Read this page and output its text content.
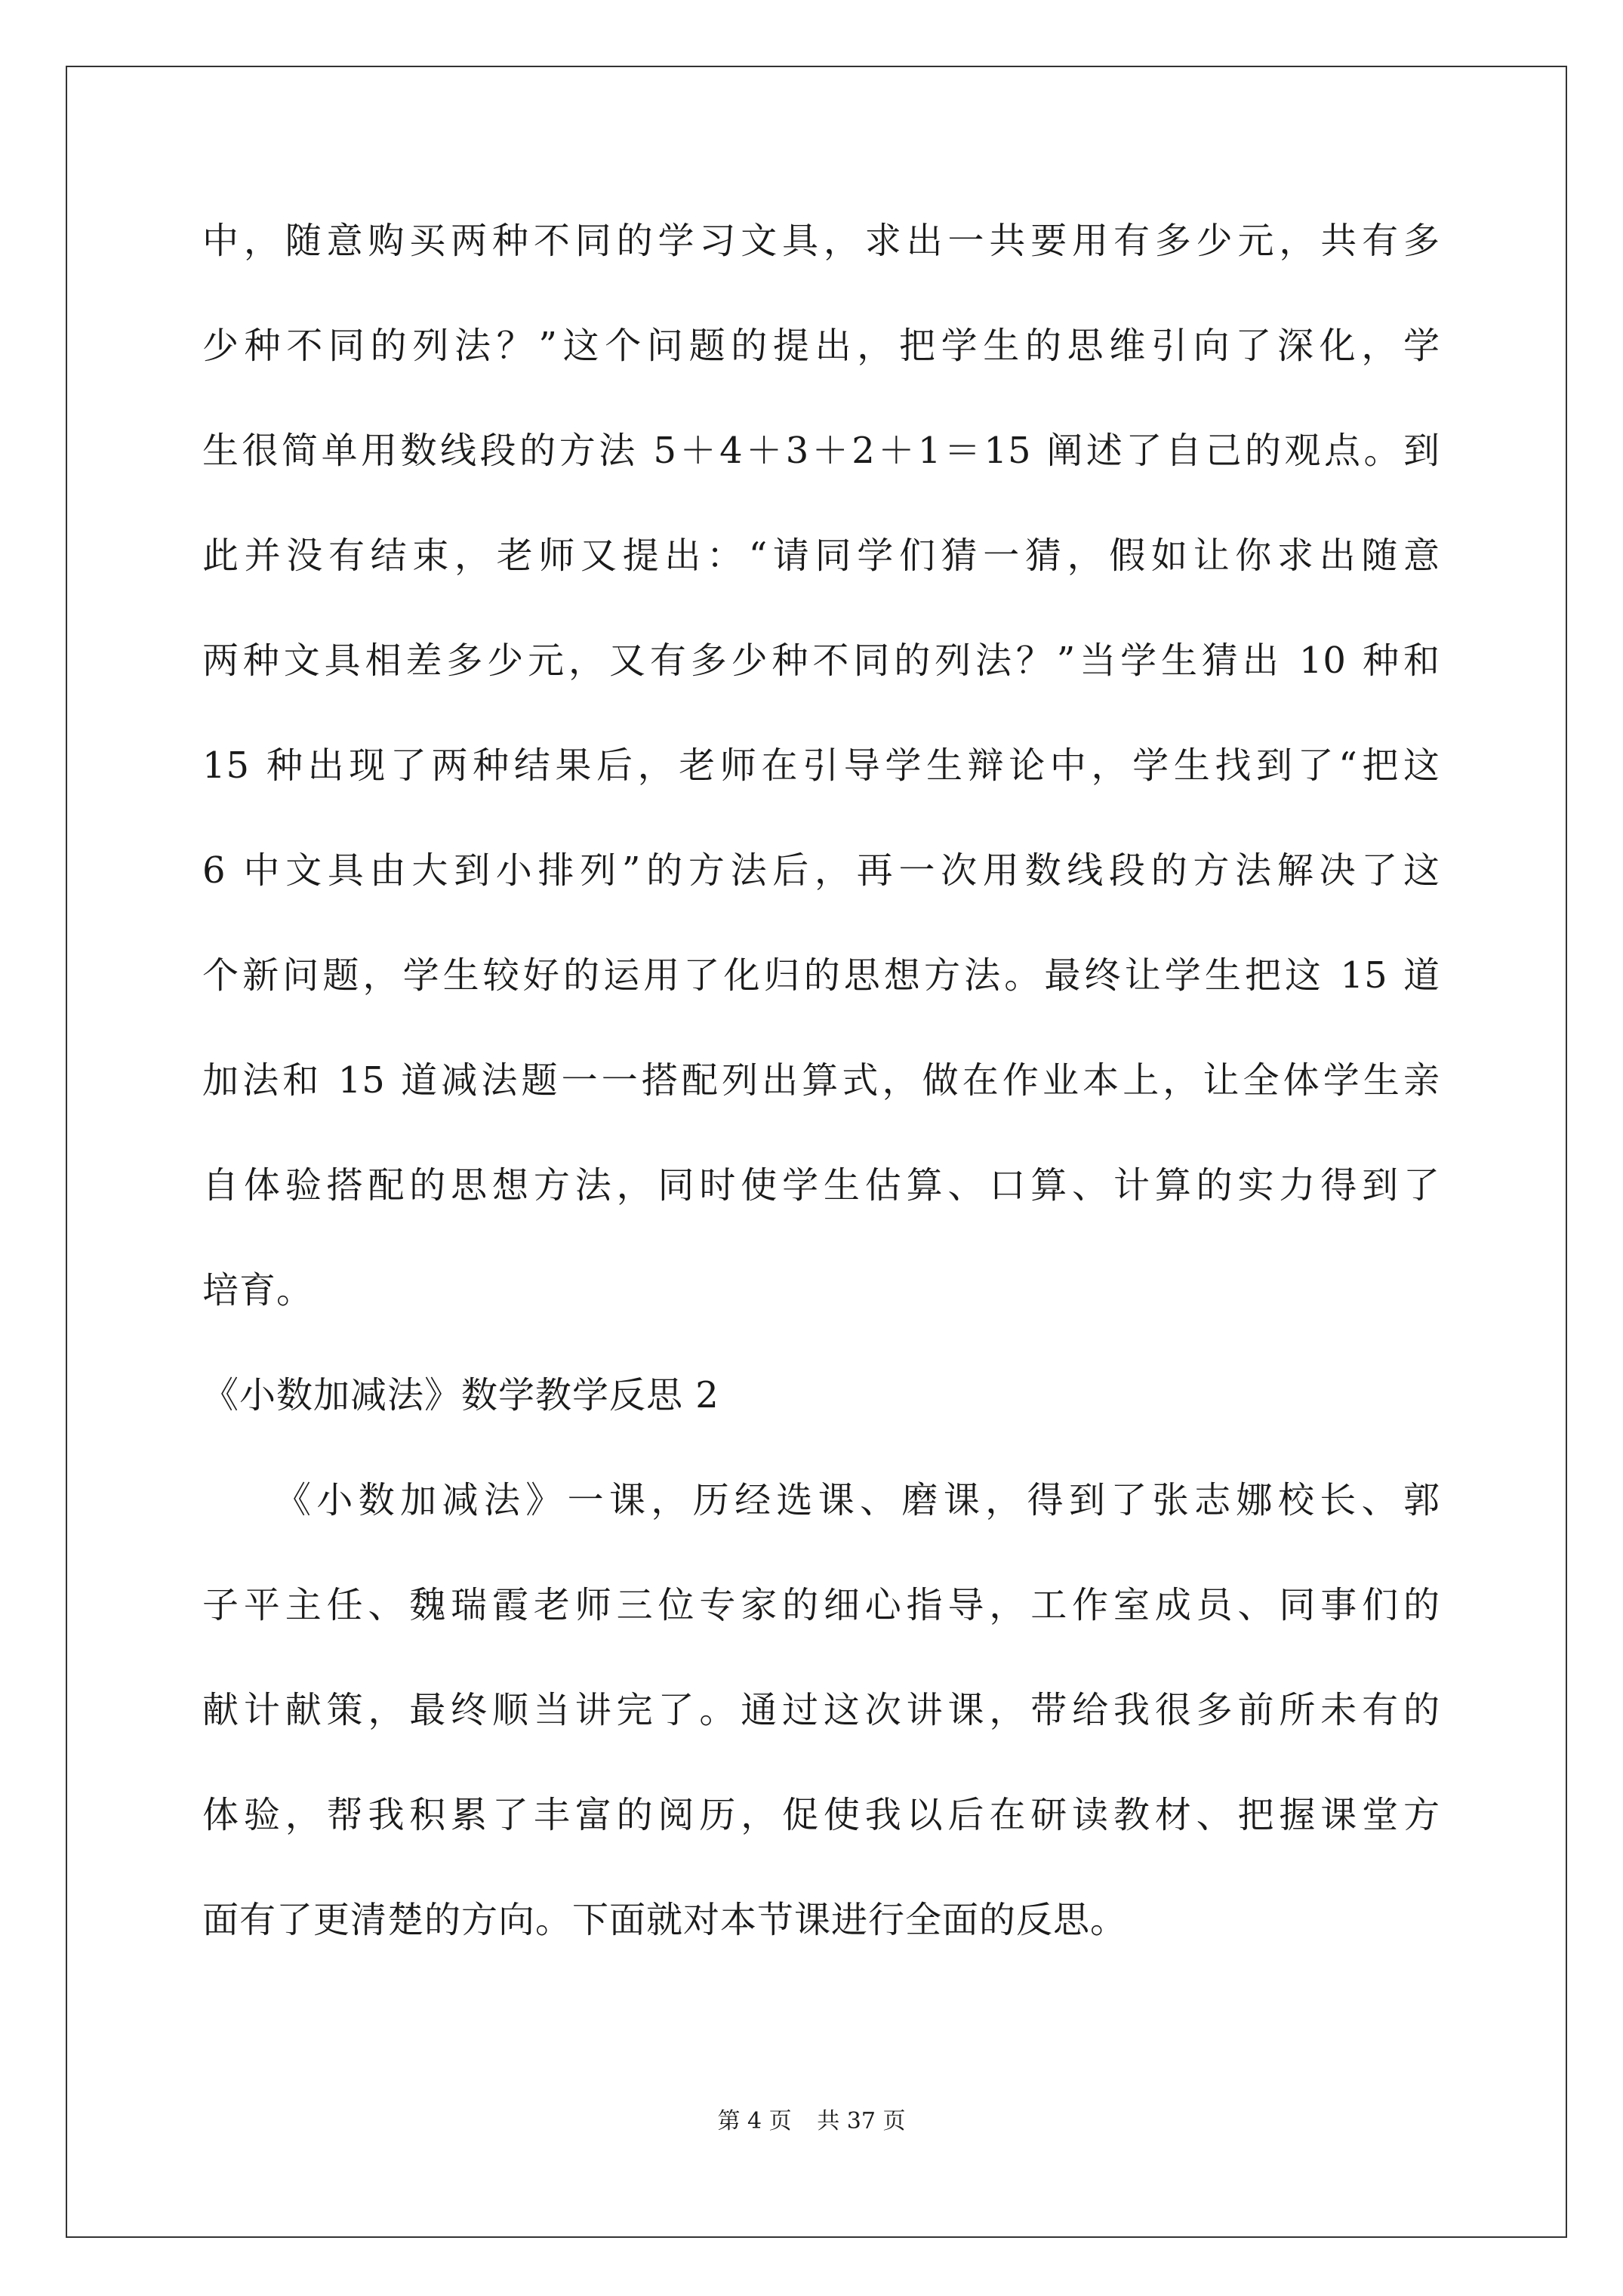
中，随意购买两种不同的学习文具，求出一共要用有多少元，共有多
少种不同的列法？”这个问题的提出，把学生的思维引向了深化，学
生很简单用数线段的方法 5＋4＋3＋2＋1＝15 阐述了自己的观点。到
此并没有结束，老师又提出：“请同学们猜一猜，假如让你求出随意
两种文具相差多少元，又有多少种不同的列法？”当学生猜出 10 种和
15 种出现了两种结果后，老师在引导学生辩论中，学生找到了“把这
6 中文具由大到小排列”的方法后，再一次用数线段的方法解决了这
个新问题，学生较好的运用了化归的思想方法。最终让学生把这 15 道
加法和 15 道减法题一一搭配列出算式，做在作业本上，让全体学生亲
自体验搭配的思想方法，同时使学生估算、口算、计算的实力得到了
培育。
《小数加减法》数学教学反思 2
《小数加减法》一课，历经选课、磨课，得到了张志娜校长、郭
子平主任、魏瑞霞老师三位专家的细心指导，工作室成员、同事们的
献计献策，最终顺当讲完了。通过这次讲课，带给我很多前所未有的
体验，帮我积累了丰富的阅历，促使我以后在研读教材、把握课堂方
面有了更清楚的方向。下面就对本节课进行全面的反思。
第 4 页 共 37 页
